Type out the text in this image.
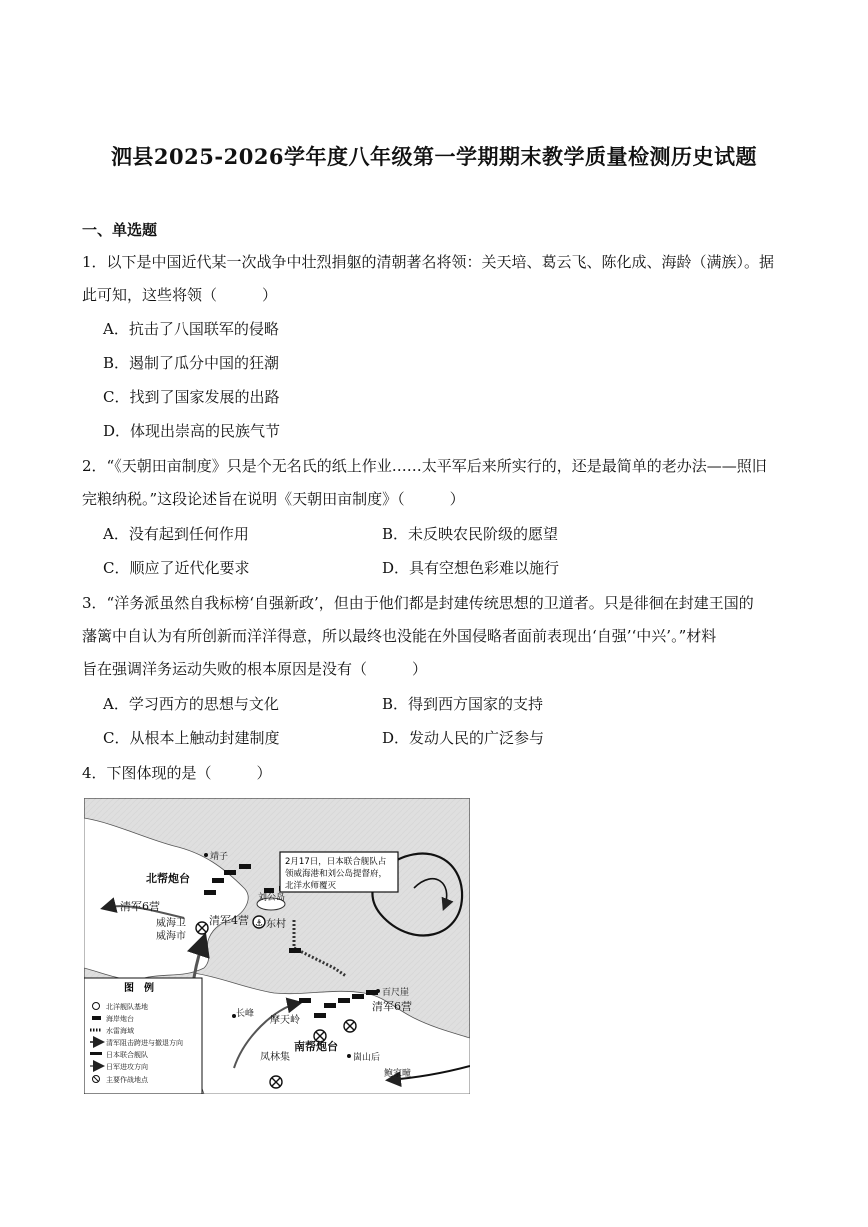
泗县2025-2026学年度八年级第一学期期末教学质量检测历史试题
一、单选题
1．以下是中国近代某一次战争中壮烈捐躯的清朝著名将领：关天培、葛云飞、陈化成、海龄（满族）。据
此可知，这些将领（　　　）
A．抗击了八国联军的侵略
B．遏制了瓜分中国的狂潮
C．找到了国家发展的出路
D．体现出崇高的民族气节
2．“《天朝田亩制度》只是个无名氏的纸上作业……太平军后来所实行的，还是最简单的老办法——照旧
完粮纳税。”这段论述旨在说明《天朝田亩制度》（　　　）
A．没有起到任何作用	B．未反映农民阶级的愿望
C．顺应了近代化要求	D．具有空想色彩难以施行
3．“洋务派虽然自我标榜‘自强新政’，但由于他们都是封建传统思想的卫道者。只是徘徊在封建王国的
藩篱中自认为有所创新而洋洋得意，所以最终也没能在外国侵略者面前表现出‘自强’‘中兴’。”材料
旨在强调洋务运动失败的根本原因是没有（　　　）
A．学习西方的思想与文化	B．得到西方国家的支持
C．从根本上触动封建制度	D．发动人民的广泛参与
4．下图体现的是（　　　）
⚓
2月17日，日本联合舰队占
领威海港和刘公岛提督府，
北洋水师覆灭
靖子
北帮炮台
清军6营
清军4营
威海卫
威海市
刘公岛
东村
百尺崖
清军6营
长峰
摩天岭
凤林集
南帮炮台
崮山后
鲍家疃
图　例
北洋舰队基地
海岸炮台
水雷海域
清军阻击跨进与撤退方向
日本联合舰队
日军进攻方向
主要作战地点
